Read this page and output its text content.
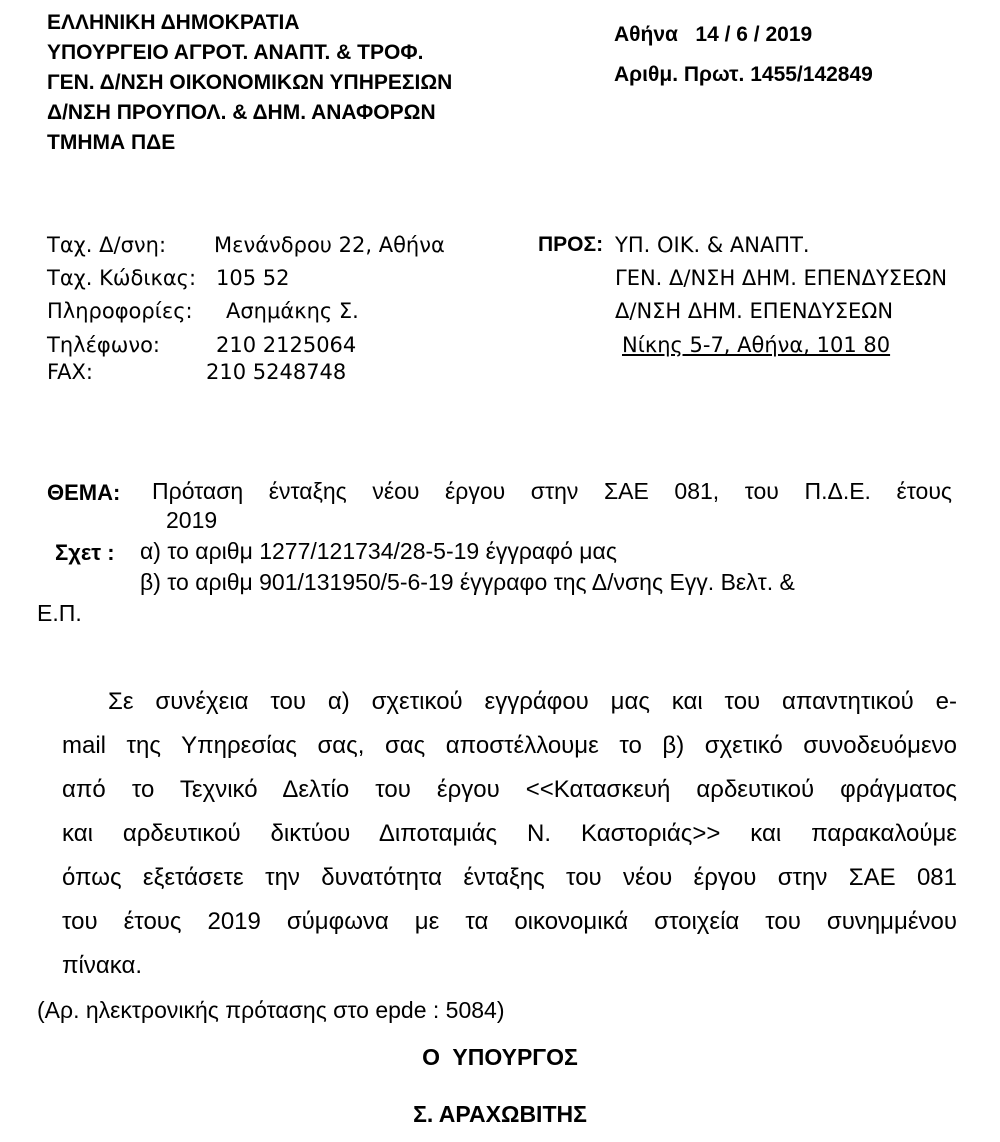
ΕΛΛΗΝΙΚΗ ΔΗΜΟΚΡΑΤΙΑ
ΥΠΟΥΡΓΕΙΟ ΑΓΡΟΤ. ΑΝΑΠΤ. & ΤΡΟΦ.
ΓΕΝ. Δ/ΝΣΗ ΟΙΚΟΝΟΜΙΚΩΝ ΥΠΗΡΕΣΙΩΝ
Δ/ΝΣΗ ΠΡΟΥΠΟΛ. & ΔΗΜ. ΑΝΑΦΟΡΩΝ
ΤΜΗΜΑ ΠΔΕ
Αθήνα   14 / 6 / 2019
Αριθμ. Πρωτ. 1455/142849
Ταχ. Δ/σνη: Μενάνδρου 22, Αθήνα
Ταχ. Κώδικας: 105 52
Πληροφορίες: Ασημάκης Σ.
Τηλέφωνο:	210 2125064
FAX:	210 5248748
ΠΡΟΣ: ΥΠ. ΟΙΚ. & ΑΝΑΠΤ.
ΓΕΝ. Δ/ΝΣΗ ΔΗΜ. ΕΠΕΝΔΥΣΕΩΝ
Δ/ΝΣΗ ΔΗΜ. ΕΠΕΝΔΥΣΕΩΝ
Νίκης 5-7, Αθήνα, 101 80
ΘΕΜΑ: Πρόταση ένταξης νέου έργου στην ΣΑΕ 081, του Π.Δ.Ε. έτους
2019
Σχετ : α) το αριθμ 1277/121734/28-5-19 έγγραφό μας
β) το αριθμ 901/131950/5-6-19 έγγραφο της Δ/νσης Εγγ. Βελτ. &
Ε.Π.
Σε συνέχεια του α) σχετικού εγγράφου μας και του απαντητικού e-
mail της Υπηρεσίας σας, σας αποστέλλουμε το β) σχετικό συνοδευόμενο
από το Τεχνικό Δελτίο του έργου <<Κατασκευή αρδευτικού φράγματος
και αρδευτικού δικτύου Διποταμιάς Ν. Καστοριάς>> και παρακαλούμε
όπως εξετάσετε την δυνατότητα ένταξης του νέου έργου στην ΣΑΕ 081
του έτους 2019 σύμφωνα με τα οικονομικά στοιχεία του συνημμένου
πίνακα.
(Αρ. ηλεκτρονικής πρότασης στο epde : 5084)
Ο  ΥΠΟΥΡΓΟΣ
Σ. ΑΡΑΧΩΒΙΤΗΣ
